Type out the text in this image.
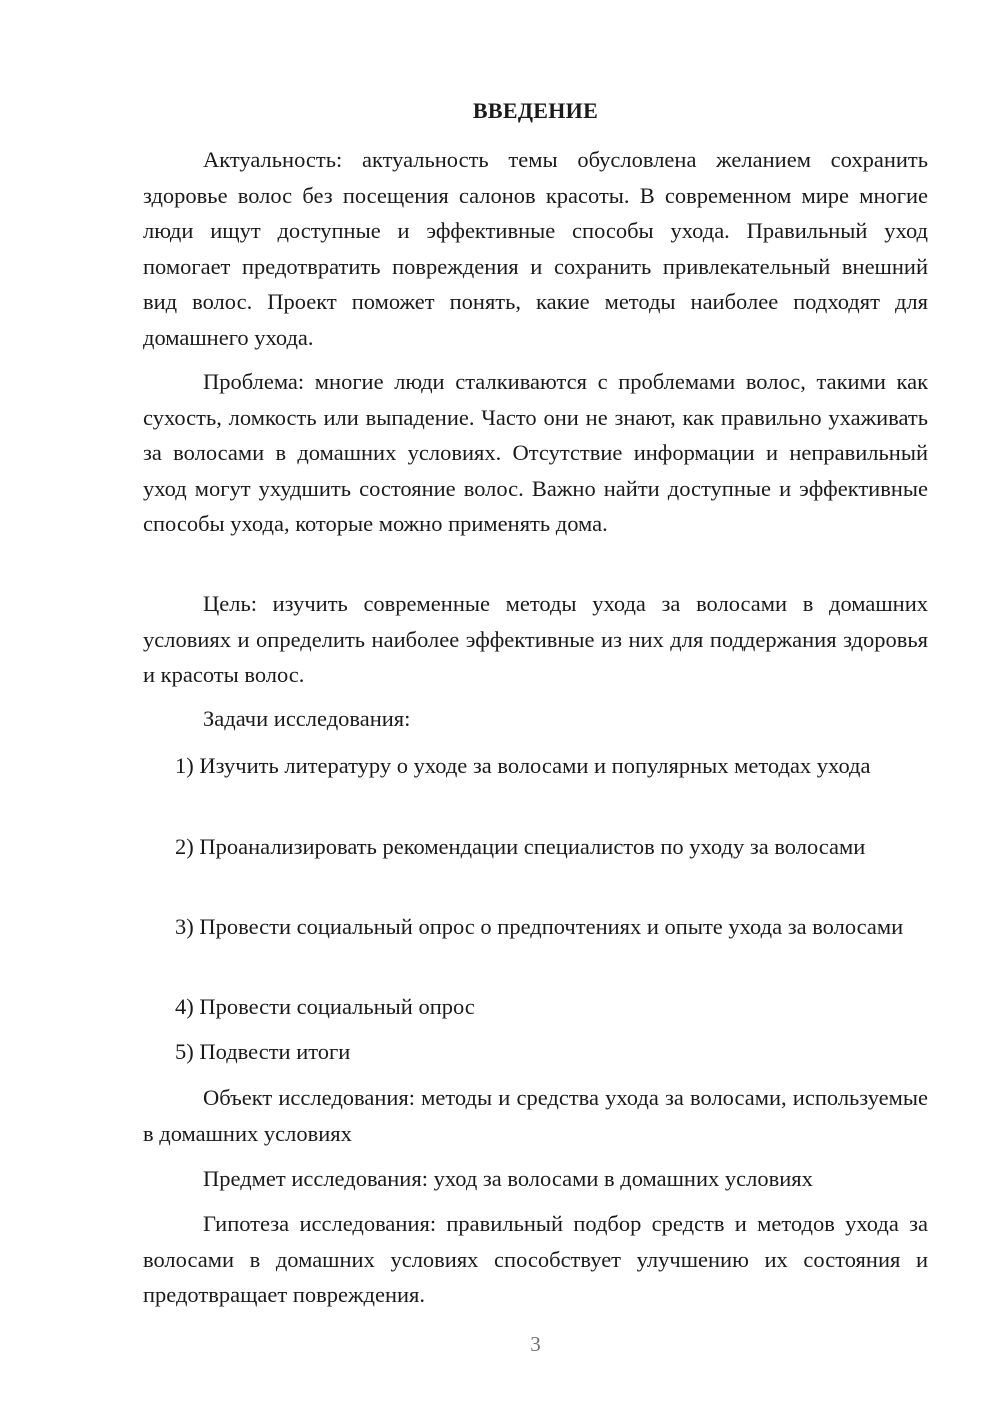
ВВЕДЕНИЕ

Актуальность: актуальность темы обусловлена желанием сохранить здоровье волос без посещения салонов красоты. В современном мире многие люди ищут доступные и эффективные способы ухода. Правильный уход помогает предотвратить повреждения и сохранить привлекательный внешний вид волос. Проект поможет понять, какие методы наиболее подходят для домашнего ухода.

Проблема: многие люди сталкиваются с проблемами волос, такими как сухость, ломкость или выпадение. Часто они не знают, как правильно ухаживать за волосами в домашних условиях. Отсутствие информации и неправильный уход могут ухудшить состояние волос. Важно найти доступные и эффективные способы ухода, которые можно применять дома.

Цель: изучить современные методы ухода за волосами в домашних условиях и определить наиболее эффективные из них для поддержания здоровья и красоты волос.

Задачи исследования:

1) Изучить литературу о уходе за волосами и популярных методах ухода

2) Проанализировать рекомендации специалистов по уходу за волосами

3) Провести социальный опрос о предпочтениях и опыте ухода за волосами

4) Провести социальный опрос

5) Подвести итоги

Объект исследования: методы и средства ухода за волосами, используемые в домашних условиях

Предмет исследования: уход за волосами в домашних условиях

Гипотеза исследования: правильный подбор средств и методов ухода за волосами в домашних условиях способствует улучшению их состояния и предотвращает повреждения.

3
